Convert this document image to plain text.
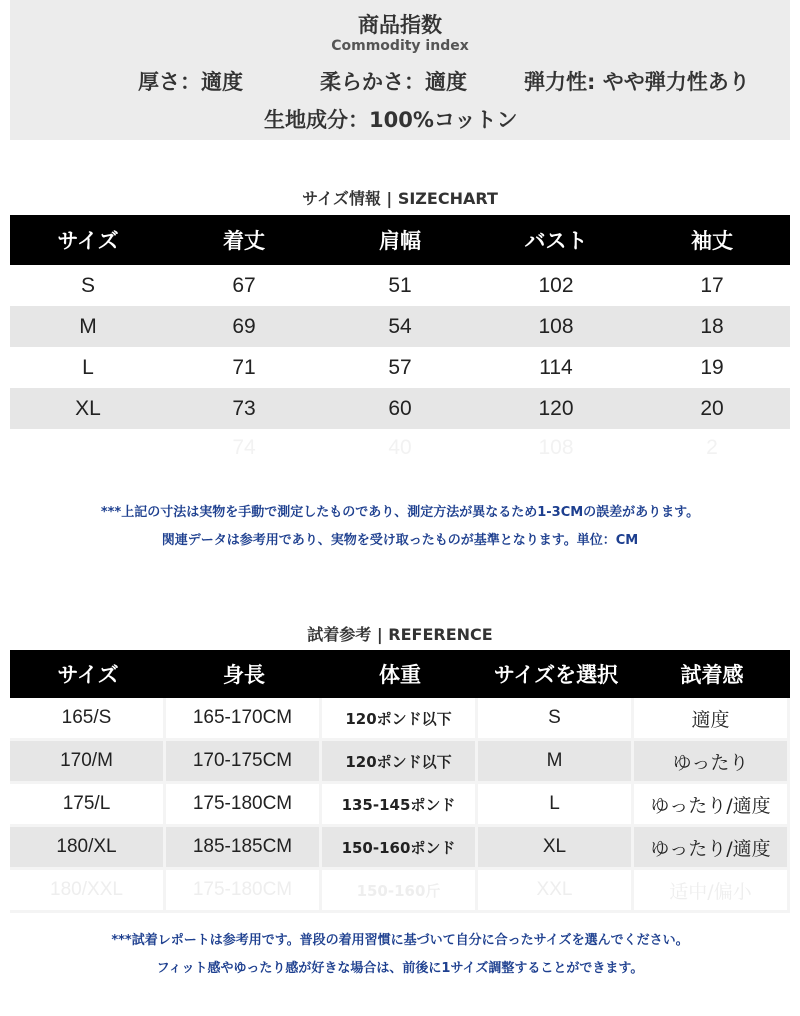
商品指数
Commodity index
厚さ：適度	柔らかさ：適度	弾力性: やや弾力性あり
生地成分：100%コットン
サイズ情報 | SIZECHART
サイズ	着丈	肩幅	バスト	袖丈
S	67	51	102	17
M	69	54	108	18
L	71	57	114	19
XL	73	60	120	20
	74	40	108	2
***上記の寸法は実物を手動で測定したものであり、測定方法が異なるため1-3CMの誤差があります。
関連データは参考用であり、実物を受け取ったものが基準となります。単位：CM
試着参考 | REFERENCE
サイズ	身長	体重	サイズを選択	試着感
165/S	165-170CM	120ポンド以下	S	適度
170/M	170-175CM	120ポンド以下	M	ゆったり
175/L	175-180CM	135-145ポンド	L	ゆったり/適度
180/XL	185-185CM	150-160ポンド	XL	ゆったり/適度
180/XXL	175-180CM	150-160斤	XXL	适中/偏小
***試着レポートは参考用です。普段の着用習慣に基づいて自分に合ったサイズを選んでください。
フィット感やゆったり感が好きな場合は、前後に1サイズ調整することができます。
